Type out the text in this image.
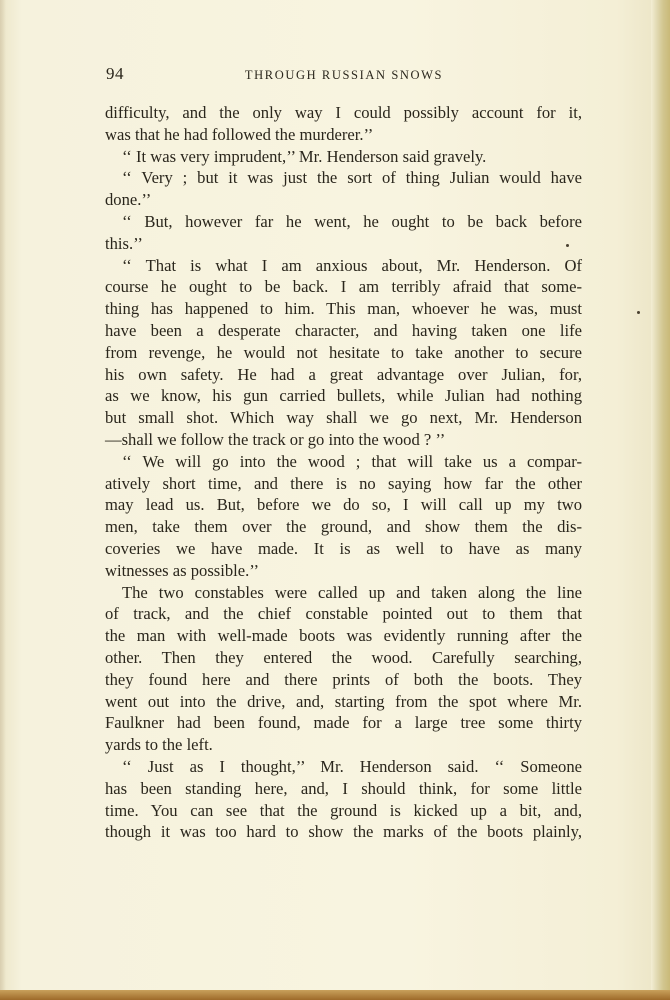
94	THROUGH RUSSIAN SNOWS
difficulty, and the only way I could possibly account for it,
was that he had followed the murderer.’’
‘‘ It was very imprudent,’’ Mr. Henderson said gravely.
‘‘ Very ; but it was just the sort of thing Julian would have
done.’’
‘‘ But, however far he went, he ought to be back before
this.’’
‘‘ That is what I am anxious about, Mr. Henderson. Of
course he ought to be back. I am terribly afraid that some-
thing has happened to him. This man, whoever he was, must
have been a desperate character, and having taken one life
from revenge, he would not hesitate to take another to secure
his own safety. He had a great advantage over Julian, for,
as we know, his gun carried bullets, while Julian had nothing
but small shot. Which way shall we go next, Mr. Henderson
—shall we follow the track or go into the wood ? ’’
‘‘ We will go into the wood ; that will take us a compar-
atively short time, and there is no saying how far the other
may lead us. But, before we do so, I will call up my two
men, take them over the ground, and show them the dis-
coveries we have made. It is as well to have as many
witnesses as possible.’’
The two constables were called up and taken along the line
of track, and the chief constable pointed out to them that
the man with well-made boots was evidently running after the
other. Then they entered the wood. Carefully searching,
they found here and there prints of both the boots. They
went out into the drive, and, starting from the spot where Mr.
Faulkner had been found, made for a large tree some thirty
yards to the left.
‘‘ Just as I thought,’’ Mr. Henderson said. ‘‘ Someone
has been standing here, and, I should think, for some little
time. You can see that the ground is kicked up a bit, and,
though it was too hard to show the marks of the boots plainly,
